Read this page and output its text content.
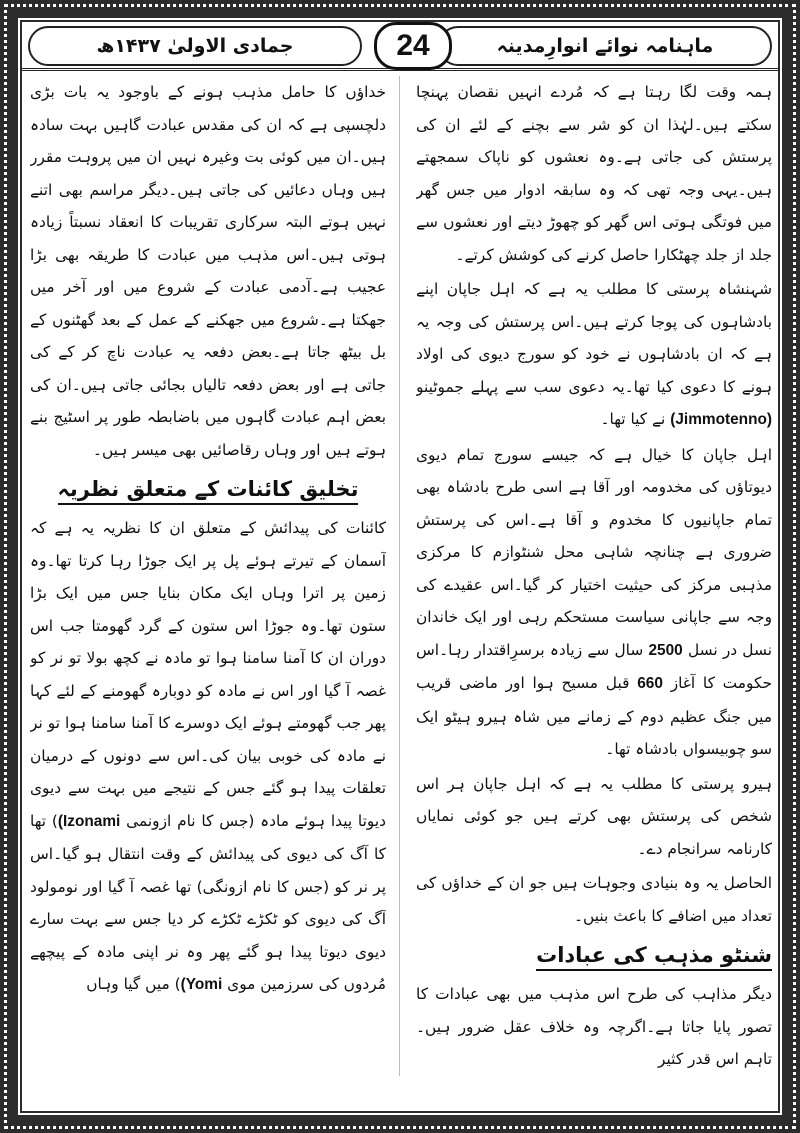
ماہنامہ نوائے انوارِمدینہ
24
جمادی الاولیٰ ۱۴۳۷ھ

ہمہ وقت لگا رہتا ہے کہ مُردے انہیں نقصان پہنچا سکتے ہیں۔لہٰذا ان کو شر سے بچنے کے لئے ان کی پرستش کی جاتی ہے۔وہ نعشوں کو ناپاک سمجھتے ہیں۔یہی وجہ تھی کہ وہ سابقہ ادوار میں جس گھر میں فوتگی ہوتی اس گھر کو چھوڑ دیتے اور نعشوں سے جلد از جلد چھٹکارا حاصل کرنے کی کوشش کرتے۔

شہنشاہ پرستی کا مطلب یہ ہے کہ اہل جاپان اپنے بادشاہوں کی پوجا کرتے ہیں۔اس پرستش کی وجہ یہ ہے کہ ان بادشاہوں نے خود کو سورج دیوی کی اولاد ہونے کا دعوی کیا تھا۔یہ دعوی سب سے پہلے جموٹینو (Jimmotenno) نے کیا تھا۔

اہل جاپان کا خیال ہے کہ جیسے سورج تمام دیوی دیوتاؤں کی مخدومہ اور آقا ہے اسی طرح بادشاہ بھی تمام جاپانیوں کا مخدوم و آقا ہے۔اس کی پرستش ضروری ہے چنانچہ شاہی محل شنٹوازم کا مرکزی مذہبی مرکز کی حیثیت اختیار کر گیا۔اس عقیدے کی وجہ سے جاپانی سیاست مستحکم رہی اور ایک خاندان نسل در نسل 2500 سال سے زیادہ برسرِاقتدار رہا۔اس حکومت کا آغاز 660 قبل مسیح ہوا اور ماضی قریب میں جنگ عظیم دوم کے زمانے میں شاہ ہیرو ہیٹو ایک سو چوبیسواں بادشاہ تھا۔

ہیرو پرستی کا مطلب یہ ہے کہ اہل جاپان ہر اس شخص کی پرستش بھی کرتے ہیں جو کوئی نمایاں کارنامہ سرانجام دے۔

الحاصل یہ وہ بنیادی وجوہات ہیں جو ان کے خداؤں کی تعداد میں اضافے کا باعث بنیں۔

شنٹو مذہب کی عبادات

دیگر مذاہب کی طرح اس مذہب میں بھی عبادات کا تصور پایا جاتا ہے۔اگرچہ وہ خلاف عقل ضرور ہیں۔تاہم اس قدر کثیر

خداؤں کا حامل مذہب ہونے کے باوجود یہ بات بڑی دلچسپی ہے کہ ان کی مقدس عبادت گاہیں بہت سادہ ہیں۔ان میں کوئی بت وغیرہ نہیں ان میں پروہت مقرر ہیں وہاں دعائیں کی جاتی ہیں۔دیگر مراسم بھی اتنے نہیں ہوتے البتہ سرکاری تقریبات کا انعقاد نسبتاً زیادہ ہوتی ہیں۔اس مذہب میں عبادت کا طریقہ بھی بڑا عجیب ہے۔آدمی عبادت کے شروع میں اور آخر میں جھکتا ہے۔شروع میں جھکنے کے عمل کے بعد گھٹنوں کے بل بیٹھ جاتا ہے۔بعض دفعہ یہ عبادت ناچ کر کے کی جاتی ہے اور بعض دفعہ تالیاں بجائی جاتی ہیں۔ان کی بعض اہم عبادت گاہوں میں باضابطہ طور پر اسٹیج بنے ہوتے ہیں اور وہاں رقاصائیں بھی میسر ہیں۔

تخلیق کائنات کے متعلق نظریہ

کائنات کی پیدائش کے متعلق ان کا نظریہ یہ ہے کہ آسمان کے تیرتے ہوئے پل پر ایک جوڑا رہا کرتا تھا۔وہ زمین پر اترا وہاں ایک مکان بنایا جس میں ایک بڑا ستون تھا۔وہ جوڑا اس ستون کے گرد گھومتا جب اس دوران ان کا آمنا سامنا ہوا تو مادہ نے کچھ بولا تو نر کو غصہ آ گیا اور اس نے مادہ کو دوبارہ گھومنے کے لئے کہا پھر جب گھومتے ہوئے ایک دوسرے کا آمنا سامنا ہوا تو نر نے مادہ کی خوبی بیان کی۔اس سے دونوں کے درمیان تعلقات پیدا ہو گئے جس کے نتیجے میں بہت سے دیوی دیوتا پیدا ہوئے مادہ (جس کا نام ازونمی (Izonami) تھا کا آگ کی دیوی کی پیدائش کے وقت انتقال ہو گیا۔اس پر نر کو (جس کا نام ازونگی) تھا غصہ آ گیا اور نومولود آگ کی دیوی کو ٹکڑے ٹکڑے کر دیا جس سے بہت سارے دیوی دیوتا پیدا ہو گئے پھر وہ نر اپنی مادہ کے پیچھے مُردوں کی سرزمین موی (Yomi) میں گیا وہاں
